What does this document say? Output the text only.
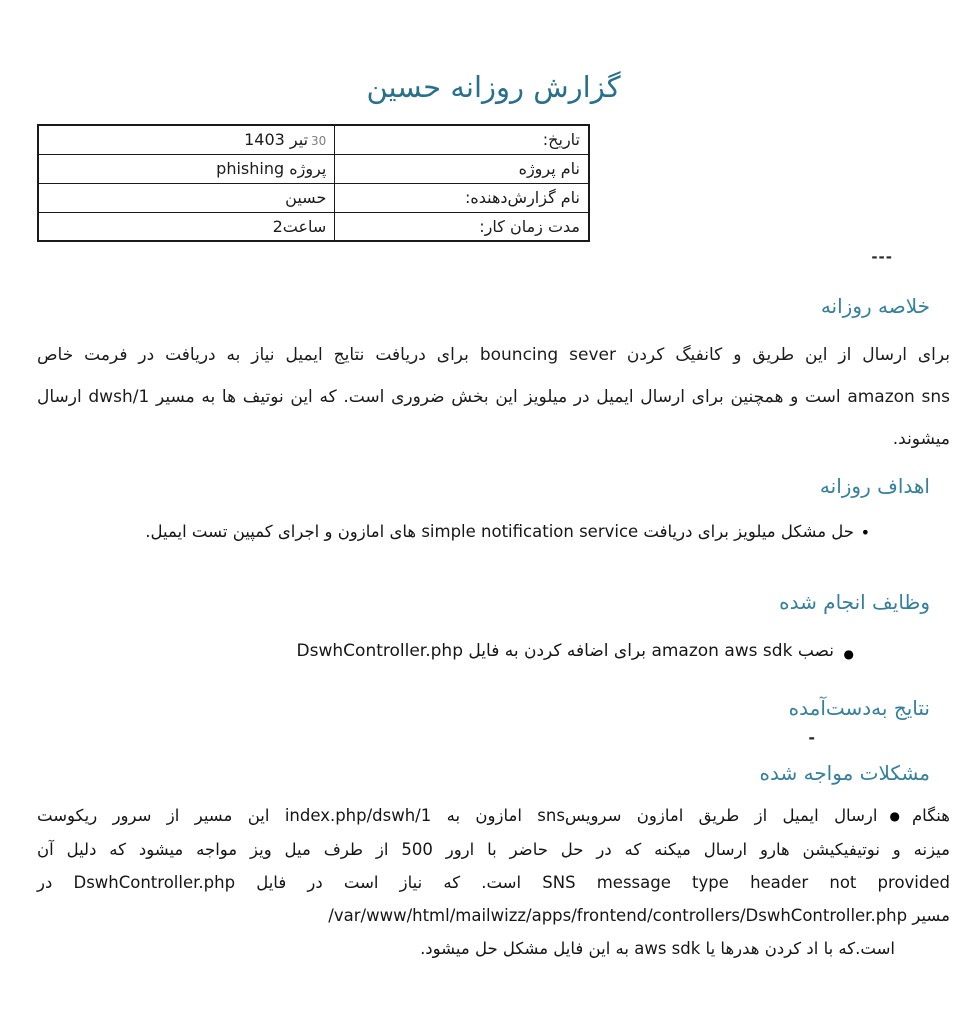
گزارش روزانه حسین
تاریخ:	30تیر 1403
نام پروژه	پروژه phishing
نام گزارش‌دهنده:	حسین
مدت زمان کار:	2ساعت
---
خلاصه روزانه
برای ارسال از این طریق و کانفیگ کردن bouncing sever برای دریافت نتایج ایمیل نیاز به دریافت در فرمت خاص
amazon sns است و همچنین برای ارسال ایمیل در میلویز این بخش ضروری است. که این نوتیف ها به مسیر dwsh/1 ارسال
میشوند.
اهداف روزانه
• حل مشکل میلویز برای دریافت simple notification service های امازون و اجرای کمپین تست ایمیل.
وظایف انجام شده
● نصب amazon aws sdk برای اضافه کردن به فایل DswhController.php
نتایج به‌دست‌آمده
-
مشکلات مواجه شده
هنگام●ارسال ایمیل از طریق امازون سرویسsns امازون به index.php/dswh/1 این مسیر از سرور ریکوست
میزنه و نوتیفیکیشن هارو ارسال میکنه که در حل حاضر با ارور 500 از طرف میل ویز مواجه میشود که دلیل آن
SNS message type header not provided است. که نیاز است در فایل DswhController.php در
مسیر var/www/html/mailwizz/apps/frontend/controllers/DswhController.php/
است.که با اد کردن هدرها یا aws sdk به این فایل مشکل حل میشود.
